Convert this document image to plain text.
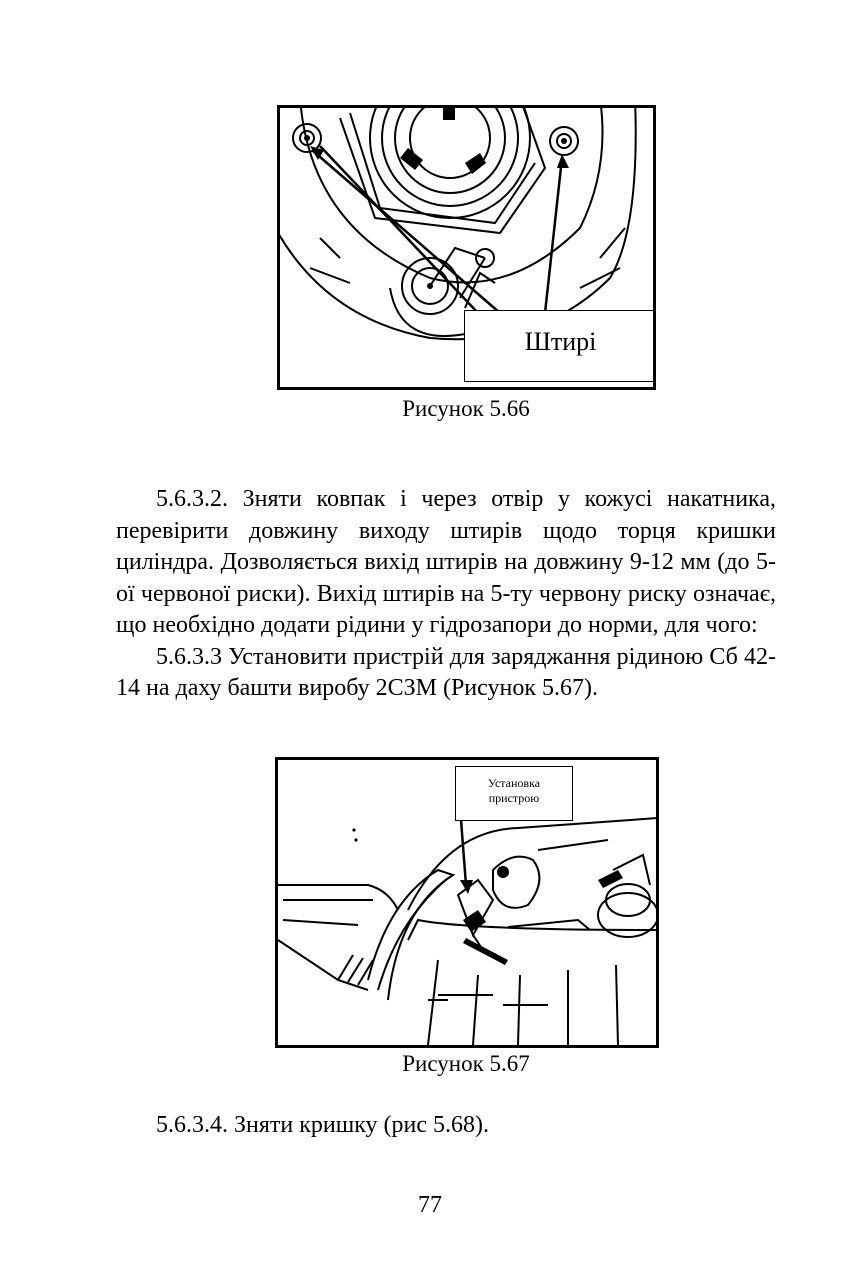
Штирі
Рисунок 5.66

5.6.3.2. Зняти ковпак і через отвір у кожусі накатника, перевірити довжину виходу штирів щодо торця кришки циліндра. Дозволяється вихід штирів на довжину 9-12 мм (до 5-ої червоної риски). Вихід штирів на 5-ту червону риску означає, що необхідно додати рідини у гідрозапори до норми, для чого:

5.6.3.3 Установити пристрій для заряджання рідиною Сб 42-14 на даху башти виробу 2СЗМ (Рисунок 5.67).

Установка
пристрою
Рисунок 5.67
5.6.3.4. Зняти кришку (рис 5.68).
77
